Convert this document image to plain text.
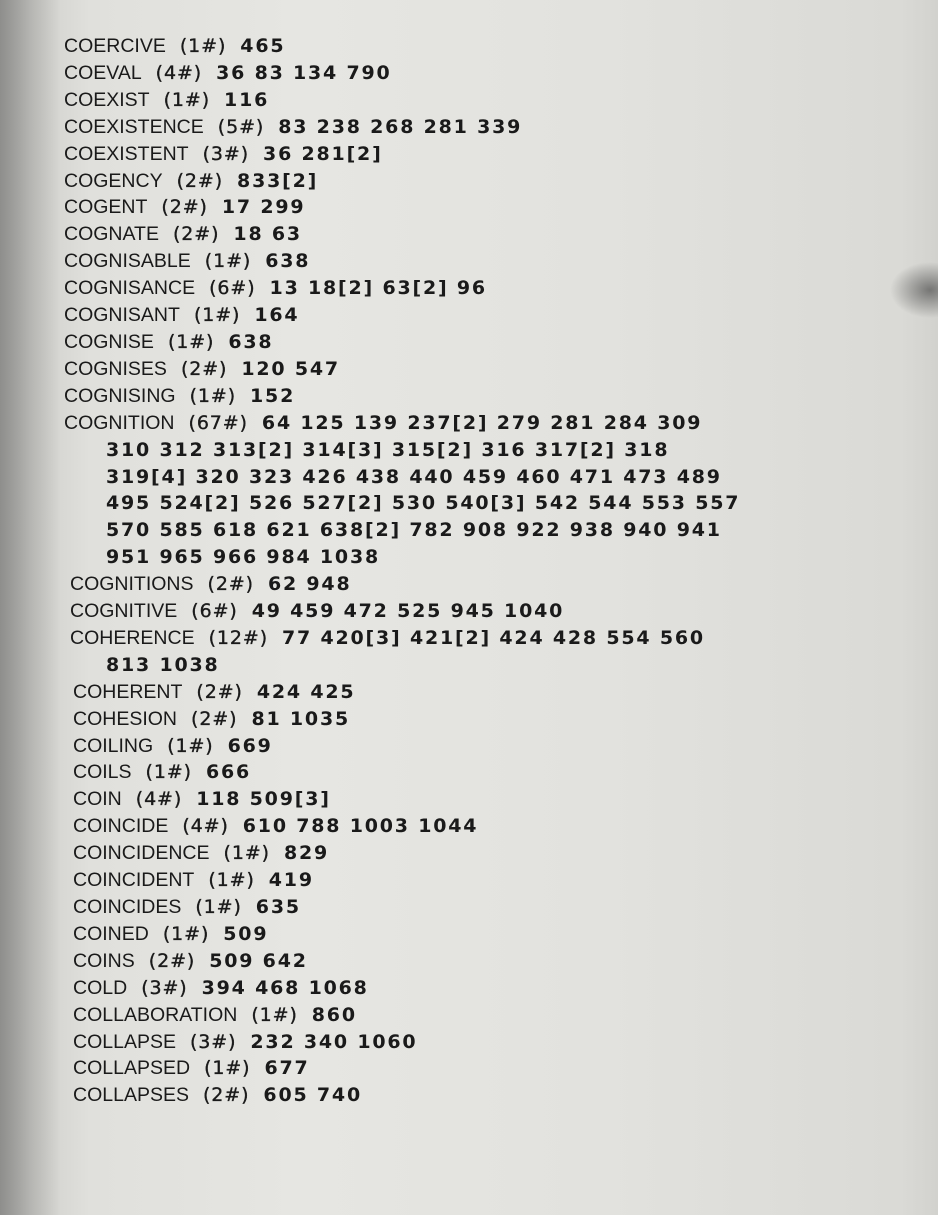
COERCIVE (1#) 465
COEVAL (4#) 36 83 134 790
COEXIST (1#) 116
COEXISTENCE (5#) 83 238 268 281 339
COEXISTENT (3#) 36 281[2]
COGENCY (2#) 833[2]
COGENT (2#) 17 299
COGNATE (2#) 18 63
COGNISABLE (1#) 638
COGNISANCE (6#) 13 18[2] 63[2] 96
COGNISANT (1#) 164
COGNISE (1#) 638
COGNISES (2#) 120 547
COGNISING (1#) 152
COGNITION (67#) 64 125 139 237[2] 279 281 284 309
310 312 313[2] 314[3] 315[2] 316 317[2] 318
319[4] 320 323 426 438 440 459 460 471 473 489
495 524[2] 526 527[2] 530 540[3] 542 544 553 557
570 585 618 621 638[2] 782 908 922 938 940 941
951 965 966 984 1038
COGNITIONS (2#) 62 948
COGNITIVE (6#) 49 459 472 525 945 1040
COHERENCE (12#) 77 420[3] 421[2] 424 428 554 560
813 1038
COHERENT (2#) 424 425
COHESION (2#) 81 1035
COILING (1#) 669
COILS (1#) 666
COIN (4#) 118 509[3]
COINCIDE (4#) 610 788 1003 1044
COINCIDENCE (1#) 829
COINCIDENT (1#) 419
COINCIDES (1#) 635
COINED (1#) 509
COINS (2#) 509 642
COLD (3#) 394 468 1068
COLLABORATION (1#) 860
COLLAPSE (3#) 232 340 1060
COLLAPSED (1#) 677
COLLAPSES (2#) 605 740
